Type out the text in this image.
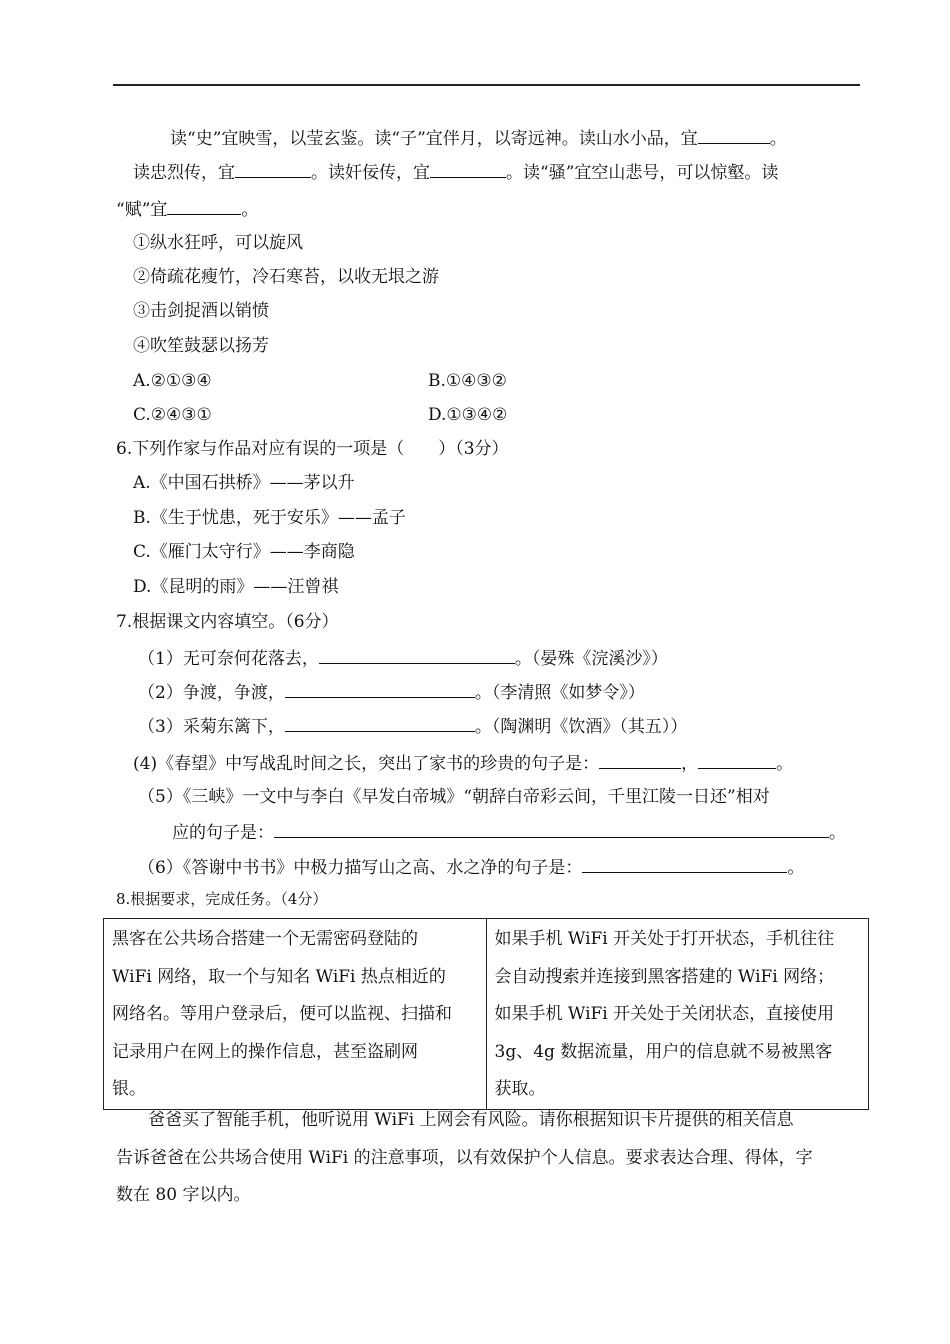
读“史”宜映雪，以莹玄鉴。读“子”宜伴月，以寄远神。读山水小品，宜	。
读忠烈传，宜	。读奸佞传，宜	。读“骚”宜空山悲号，可以惊壑。读
“赋”宜	。
①纵水狂呼，可以旋风
②倚疏花瘦竹，冷石寒苔，以收无垠之游
③击剑捉酒以销愤
④吹笙鼓瑟以扬芳
A.②①③④	B.①④③②
C.②④③①	D.①③④②
6.下列作家与作品对应有误的一项是（　　）（3分）
A.《中国石拱桥》——茅以升
B.《生于忧患，死于安乐》——孟子
C.《雁门太守行》——李商隐
D.《昆明的雨》——汪曾祺
7.根据课文内容填空。（6分）
（1）无可奈何花落去，	。（晏殊《浣溪沙》）
（2）争渡，争渡，	。（李清照《如梦令》）
（3）采菊东篱下，	。（陶渊明《饮酒》（其五））
(4)《春望》中写战乱时间之长，突出了家书的珍贵的句子是：	，	。
（5）《三峡》一文中与李白《早发白帝城》“朝辞白帝彩云间，千里江陵一日还”相对
应的句子是：	。
（6）《答谢中书书》中极力描写山之高、水之净的句子是：	。
8.根据要求，完成任务。（4分）
黑客在公共场合搭建一个无需密码登陆的
WiFi 网络，取一个与知名 WiFi 热点相近的
网络名。等用户登录后，便可以监视、扫描和
记录用户在网上的操作信息，甚至盗刷网
银。

如果手机 WiFi 开关处于打开状态，手机往往
会自动搜索并连接到黑客搭建的 WiFi 网络；
如果手机 WiFi 开关处于关闭状态，直接使用
3g、4g 数据流量，用户的信息就不易被黑客
获取。
爸爸买了智能手机，他听说用 WiFi 上网会有风险。请你根据知识卡片提供的相关信息
告诉爸爸在公共场合使用 WiFi 的注意事项，以有效保护个人信息。要求表达合理、得体，字
数在 80 字以内。
